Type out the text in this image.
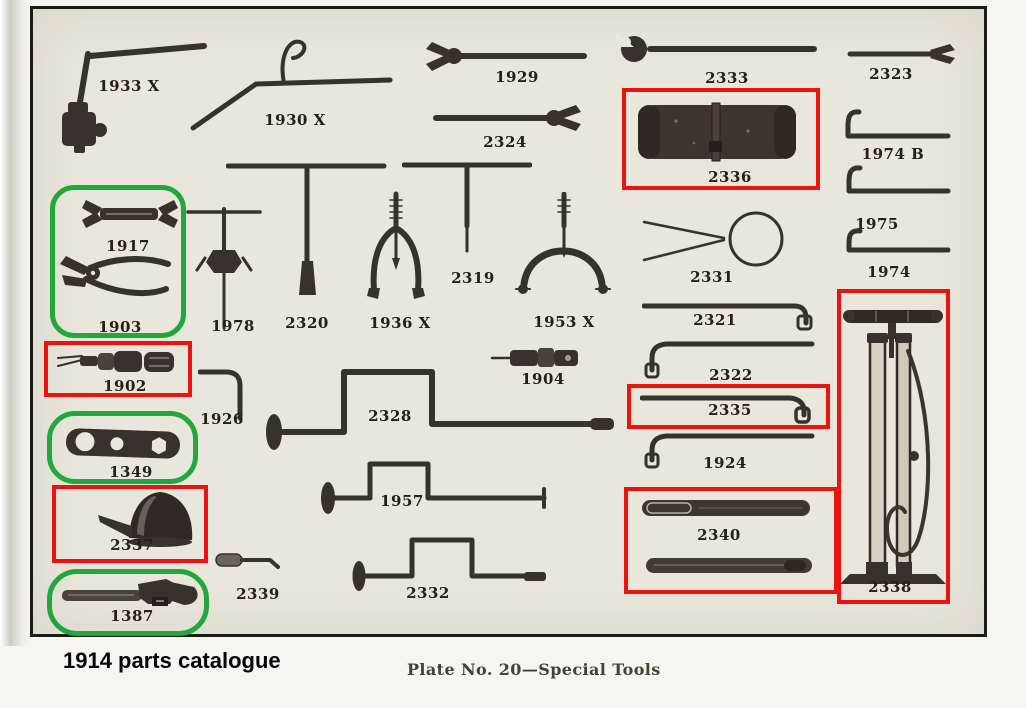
1933 X
1930 X
1929	2333	2323
2324
2336
1974 B
1975
1974
1917
1903	1978 2320	1936 X
2319
1953 X
2331
2321
1902
2322
1926	2328
1904
2335
1349	1924
1957
2337
2339	2332
1387
2340
2338
Plate No. 20—Special Tools
1914 parts catalogue
